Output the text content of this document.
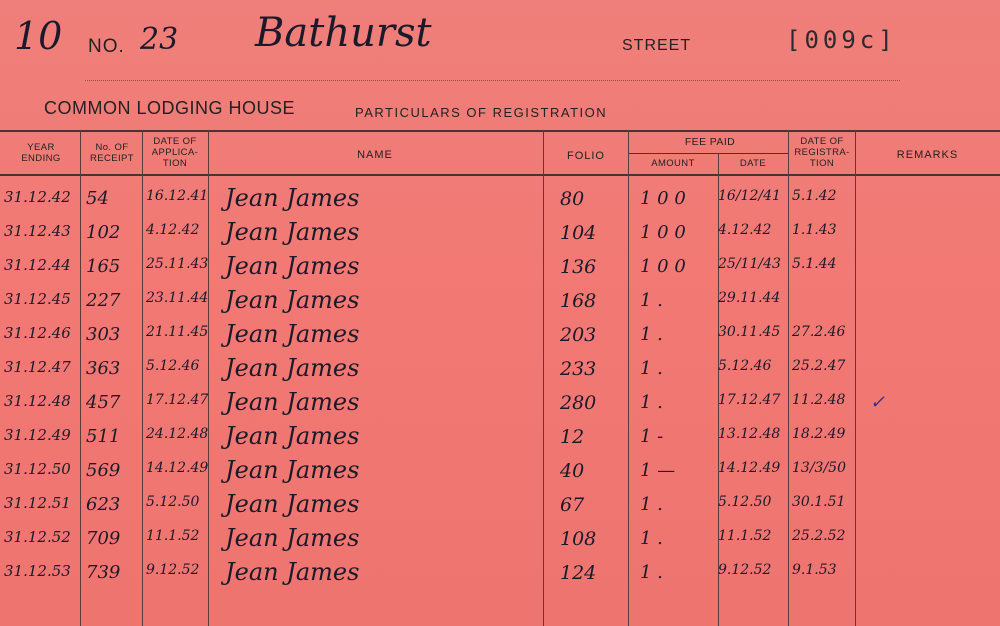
10 NO. 23 Bathurst	STREET	[009c]
COMMON LODGING HOUSE	PARTICULARS OF REGISTRATION
YEAR ENDING
No. OF RECEIPT
DATE OF APPLICA-TION
NAME	FOLIO
FEE PAID
AMOUNT	DATE
DATE OF REGISTRA-TION
REMARKS
31.12.42 54	16.12.41 Jean James	80	1 0 0	16/12/41 5.1.42
31.12.43 102	4.12.42	Jean James	104	1 0 0	4.12.42	1.1.43
31.12.44 165	25.11.43 Jean James	136	1 0 0	25/11/43 5.1.44
31.12.45 227	23.11.44 Jean James	168	1 .	29.11.44
31.12.46 303	21.11.45 Jean James	203	1 .	30.11.45 27.2.46
31.12.47 363	5.12.46	Jean James	233	1 .	5.12.46	25.2.47
31.12.48 457	17.12.47 Jean James	280	1 .	17.12.47 11.2.48	✓
31.12.49 511	24.12.48 Jean James	12	1 -	13.12.48 18.2.49
31.12.50 569	14.12.49 Jean James	40	1 —	14.12.49 13/3/50
31.12.51 623	5.12.50	Jean James	67	1 .	5.12.50	30.1.51
31.12.52 709	11.1.52	Jean James	108	1 .	11.1.52	25.2.52
31.12.53 739	9.12.52	Jean James	124	1 .	9.12.52	9.1.53
